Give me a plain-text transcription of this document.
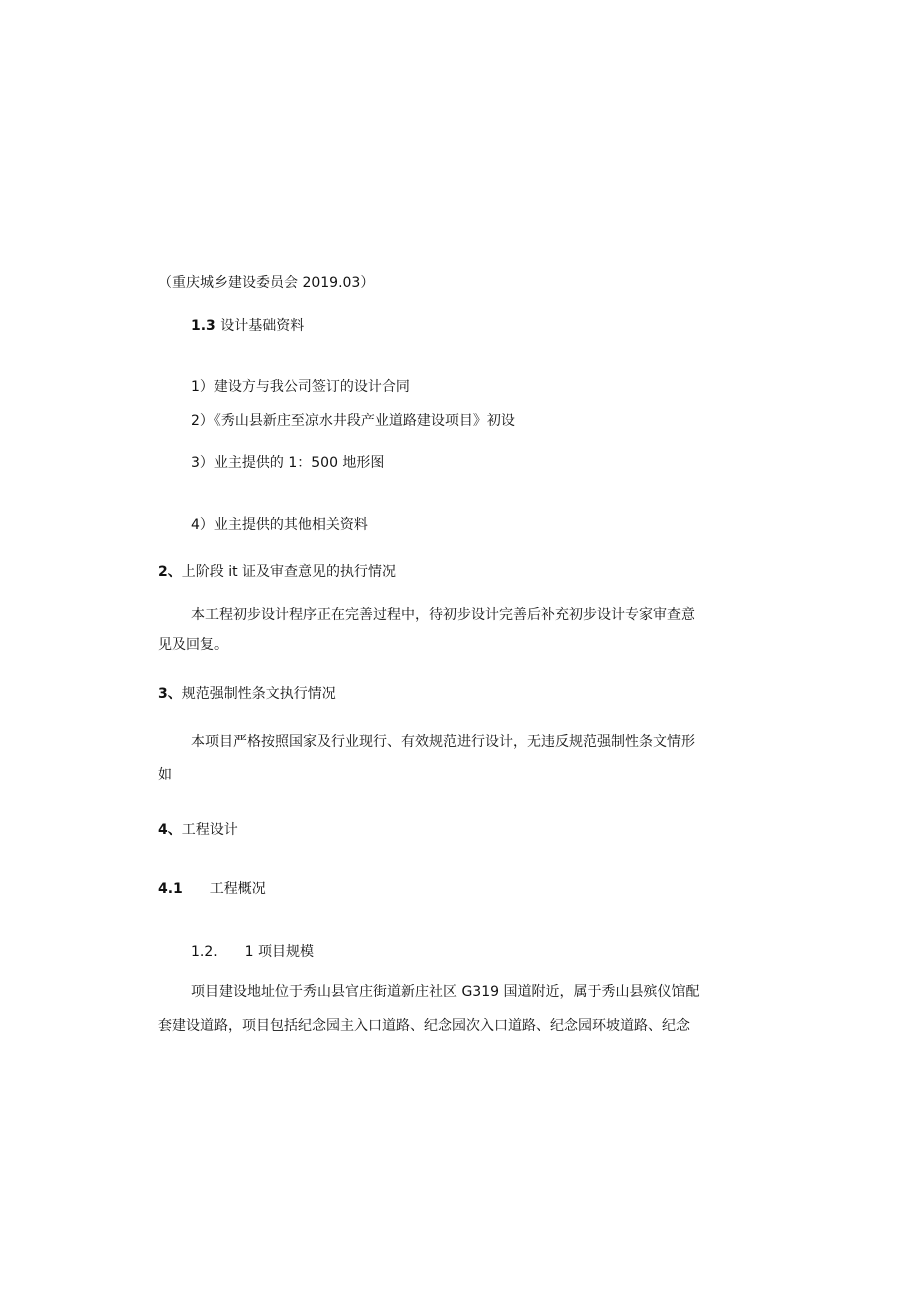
（重庆城乡建设委员会 2019.03）
1.3 设计基础资料
1）建设方与我公司签订的设计合同
2）《秀山县新庄至凉水井段产业道路建设项目》初设
3）业主提供的 1：500 地形图
4）业主提供的其他相关资料
2、上阶段 it 证及审查意见的执行情况
本工程初步设计程序正在完善过程中，待初步设计完善后补充初步设计专家审查意
见及回复。
3、规范强制性条文执行情况
本项目严格按照国家及行业现行、有效规范进行设计，无违反规范强制性条文情形
如
4、工程设计
4.1 工程概况
1.2. 1 项目规模
项目建设地址位于秀山县官庄街道新庄社区 G319 国道附近，属于秀山县殡仪馆配
套建设道路，项目包括纪念园主入口道路、纪念园次入口道路、纪念园环坡道路、纪念
